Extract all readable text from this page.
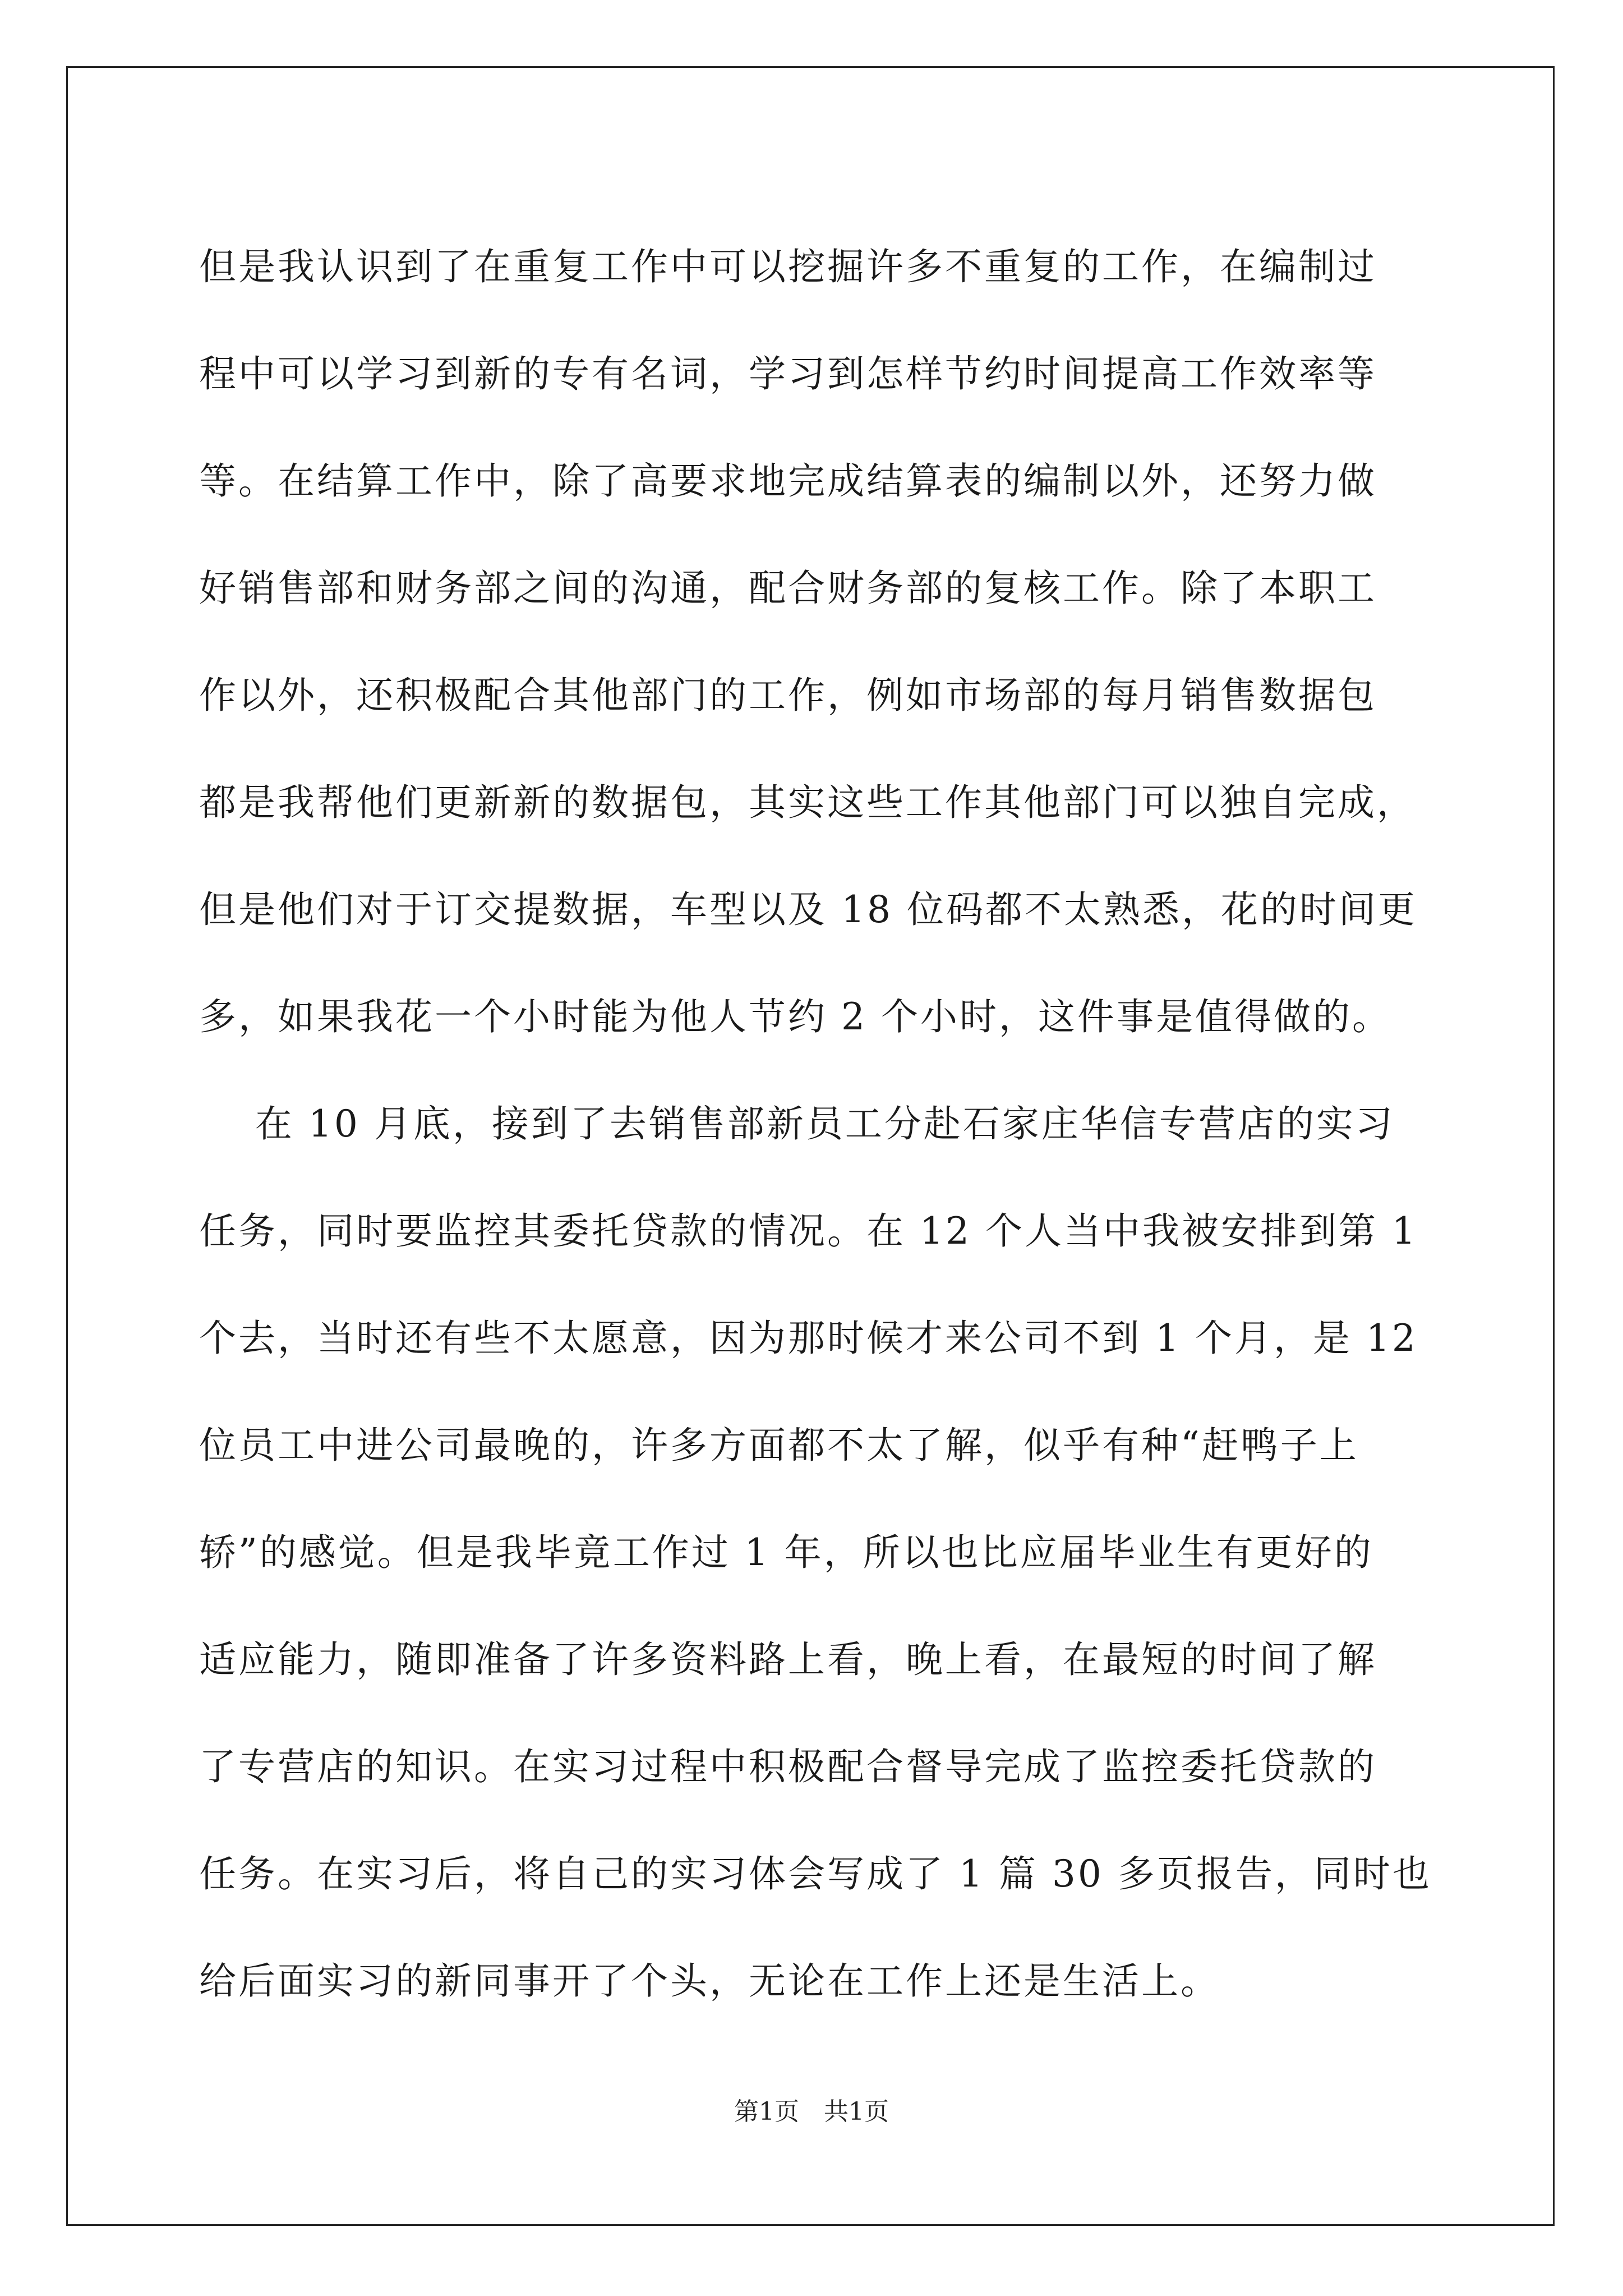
但是我认识到了在重复工作中可以挖掘许多不重复的工作，在编制过
程中可以学习到新的专有名词，学习到怎样节约时间提高工作效率等
等。在结算工作中，除了高要求地完成结算表的编制以外，还努力做
好销售部和财务部之间的沟通，配合财务部的复核工作。除了本职工
作以外，还积极配合其他部门的工作，例如市场部的每月销售数据包
都是我帮他们更新新的数据包，其实这些工作其他部门可以独自完成，
但是他们对于订交提数据，车型以及 18 位码都不太熟悉，花的时间更
多，如果我花一个小时能为他人节约 2 个小时，这件事是值得做的。
在 10 月底，接到了去销售部新员工分赴石家庄华信专营店的实习
任务，同时要监控其委托贷款的情况。在 12 个人当中我被安排到第 1
个去，当时还有些不太愿意，因为那时候才来公司不到 1 个月，是 12
位员工中进公司最晚的，许多方面都不太了解，似乎有种“赶鸭子上
轿”的感觉。但是我毕竟工作过 1 年，所以也比应届毕业生有更好的
适应能力，随即准备了许多资料路上看，晚上看，在最短的时间了解
了专营店的知识。在实习过程中积极配合督导完成了监控委托贷款的
任务。在实习后，将自己的实习体会写成了 1 篇 30 多页报告，同时也
给后面实习的新同事开了个头，无论在工作上还是生活上。
第1页　共1页
